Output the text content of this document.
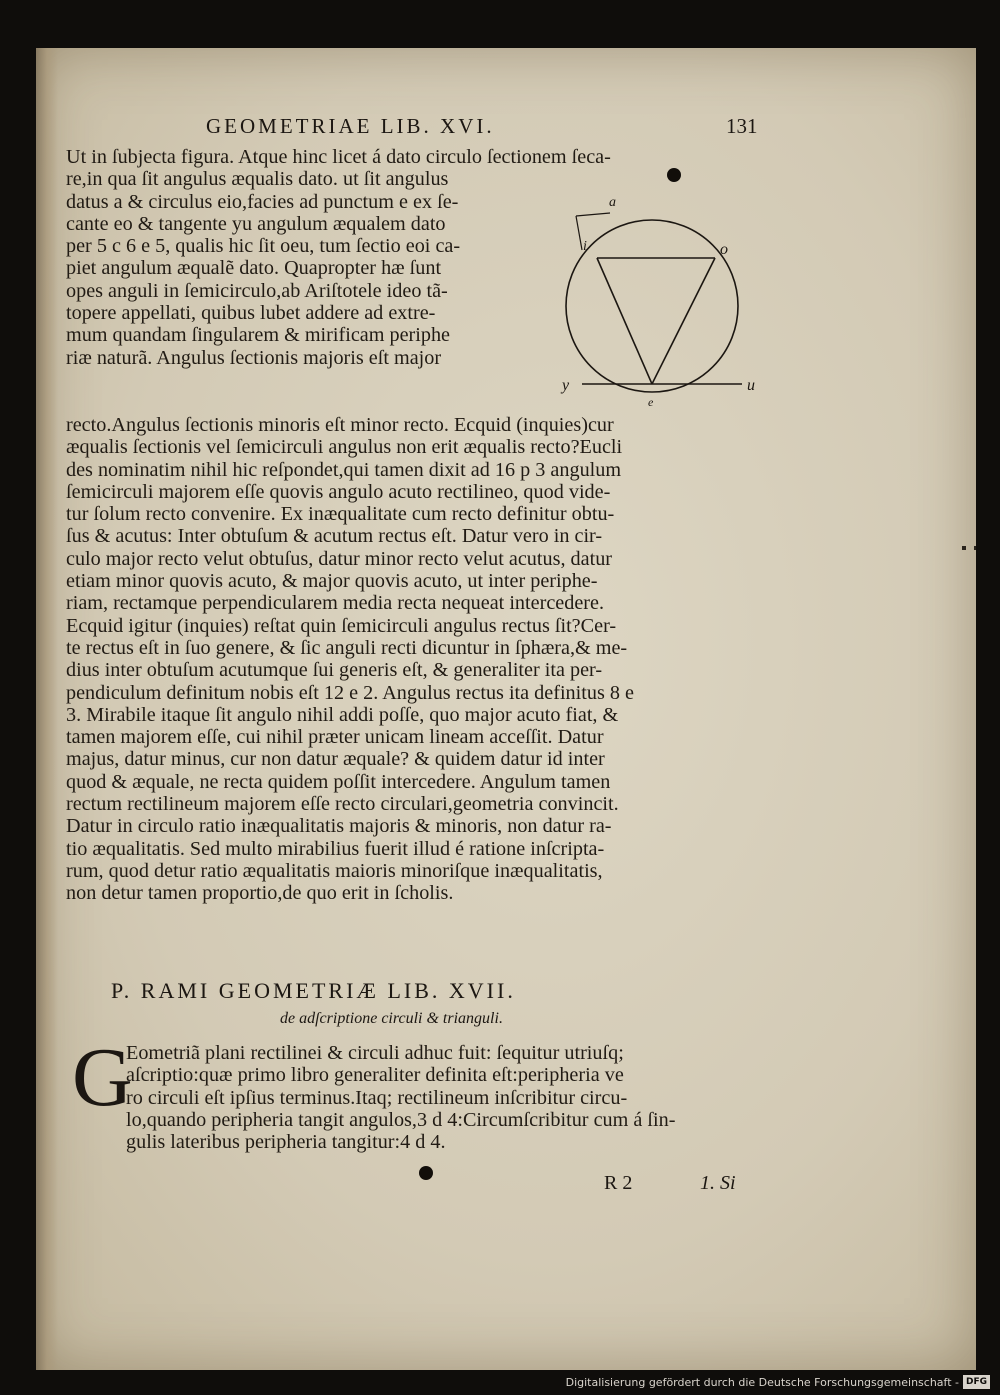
GEOMETRIAE LIB. XVI.	131
Ut in ſubjecta figura. Atque hinc licet á dato circulo ſectionem ſeca-
re,in qua ſit angulus æqualis dato. ut ſit angulus
datus a & circulus eio,facies ad punctum e ex ſe-
cante eo & tangente yu angulum æqualem dato
per 5 c 6 e 5, qualis hic ſit oeu, tum ſectio eoi ca-
piet angulum æqualẽ dato. Quapropter hæ ſunt
opes anguli in ſemicirculo,ab Ariſtotele ideo tã-
topere appellati, quibus lubet addere ad extre-
mum quandam ſingularem & mirificam periphe
riæ naturã. Angulus ſectionis majoris eſt major
a
i	o
y
e
u
recto.Angulus ſectionis minoris eſt minor recto. Ecquid (inquies)cur
æqualis ſectionis vel ſemicirculi angulus non erit æqualis recto?Eucli
des nominatim nihil hic reſpondet,qui tamen dixit ad 16 p 3 angulum
ſemicirculi majorem eſſe quovis angulo acuto rectilineo, quod vide-
tur ſolum recto convenire. Ex inæqualitate cum recto definitur obtu-
ſus & acutus: Inter obtuſum & acutum rectus eſt. Datur vero in cir-
culo major recto velut obtuſus, datur minor recto velut acutus, datur
etiam minor quovis acuto, & major quovis acuto, ut inter periphe-
riam, rectamque perpendicularem media recta nequeat intercedere.
Ecquid igitur (inquies) reſtat quin ſemicirculi angulus rectus ſit?Cer-
te rectus eſt in ſuo genere, & ſic anguli recti dicuntur in ſphæra,& me-
dius inter obtuſum acutumque ſui generis eſt, & generaliter ita per-
pendiculum definitum nobis eſt 12 e 2. Angulus rectus ita definitus 8 e
3. Mirabile itaque ſit angulo nihil addi poſſe, quo major acuto fiat, &
tamen majorem eſſe, cui nihil præter unicam lineam acceſſit. Datur
majus, datur minus, cur non datur æquale? & quidem datur id inter
quod & æquale, ne recta quidem poſſit intercedere. Angulum tamen
rectum rectilineum majorem eſſe recto circulari,geometria convincit.
Datur in circulo ratio inæqualitatis majoris & minoris, non datur ra-
tio æqualitatis. Sed multo mirabilius fuerit illud é ratione inſcripta-
rum, quod detur ratio æqualitatis maioris minoriſque inæqualitatis,
non detur tamen proportio,de quo erit in ſcholis.
P. RAMI GEOMETRIÆ LIB. XVII.
de adſcriptione circuli & trianguli.
G
Eometriã plani rectilinei & circuli adhuc fuit: ſequitur utriuſq;
aſcriptio:quæ primo libro generaliter definita eſt:peripheria ve
ro circuli eſt ipſius terminus.Itaq; rectilineum inſcribitur circu-
lo,quando peripheria tangit angulos,3 d 4:Circumſcribitur cum á ſin-
gulis lateribus peripheria tangitur:4 d 4.
R 2	1. Si
Digitalisierung gefördert durch die Deutsche Forschungsgemeinschaft - DFG
